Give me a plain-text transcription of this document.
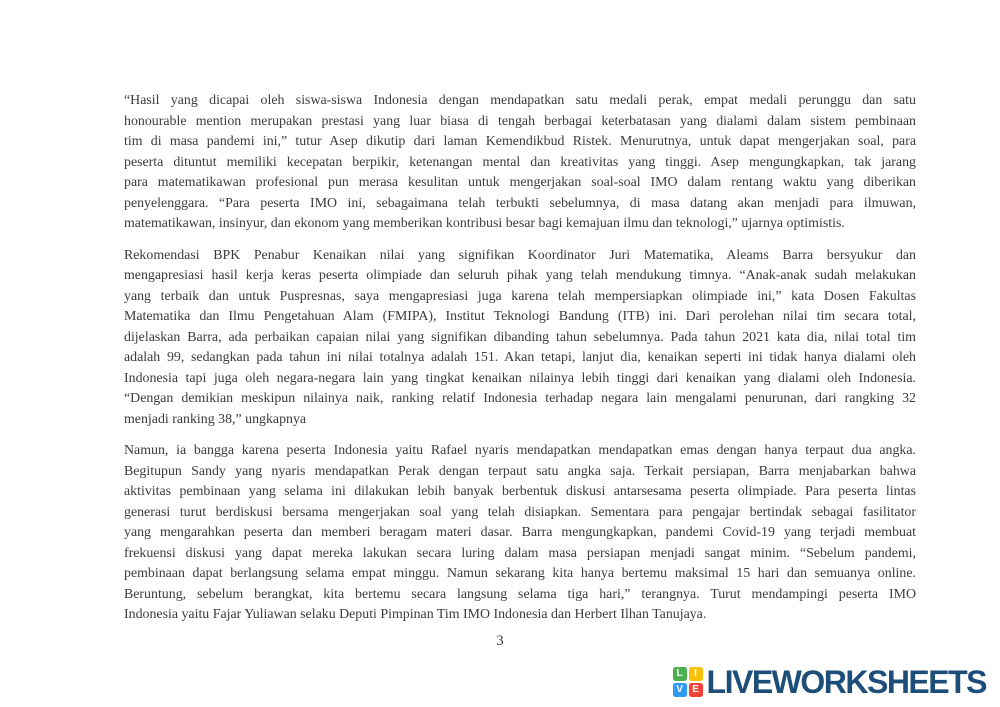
“Hasil yang dicapai oleh siswa-siswa Indonesia dengan mendapatkan satu medali perak, empat medali perunggu dan satu
honourable mention merupakan prestasi yang luar biasa di tengah berbagai keterbatasan yang dialami dalam sistem pembinaan
tim di masa pandemi ini,” tutur Asep dikutip dari laman Kemendikbud Ristek. Menurutnya, untuk dapat mengerjakan soal, para
peserta dituntut memiliki kecepatan berpikir, ketenangan mental dan kreativitas yang tinggi. Asep mengungkapkan, tak jarang
para matematikawan profesional pun merasa kesulitan untuk mengerjakan soal-soal IMO dalam rentang waktu yang diberikan
penyelenggara. “Para peserta IMO ini, sebagaimana telah terbukti sebelumnya, di masa datang akan menjadi para ilmuwan,
matematikawan, insinyur, dan ekonom yang memberikan kontribusi besar bagi kemajuan ilmu dan teknologi,” ujarnya optimistis.
Rekomendasi BPK Penabur Kenaikan nilai yang signifikan Koordinator Juri Matematika, Aleams Barra bersyukur dan
mengapresiasi hasil kerja keras peserta olimpiade dan seluruh pihak yang telah mendukung timnya. “Anak-anak sudah melakukan
yang terbaik dan untuk Puspresnas, saya mengapresiasi juga karena telah mempersiapkan olimpiade ini,” kata Dosen Fakultas
Matematika dan Ilmu Pengetahuan Alam (FMIPA), Institut Teknologi Bandung (ITB) ini. Dari perolehan nilai tim secara total,
dijelaskan Barra, ada perbaikan capaian nilai yang signifikan dibanding tahun sebelumnya. Pada tahun 2021 kata dia, nilai total tim
adalah 99, sedangkan pada tahun ini nilai totalnya adalah 151. Akan tetapi, lanjut dia, kenaikan seperti ini tidak hanya dialami oleh
Indonesia tapi juga oleh negara-negara lain yang tingkat kenaikan nilainya lebih tinggi dari kenaikan yang dialami oleh Indonesia.
“Dengan demikian meskipun nilainya naik, ranking relatif Indonesia terhadap negara lain mengalami penurunan, dari rangking 32
menjadi ranking 38,” ungkapnya
Namun, ia bangga karena peserta Indonesia yaitu Rafael nyaris mendapatkan mendapatkan emas dengan hanya terpaut dua angka.
Begitupun Sandy yang nyaris mendapatkan Perak dengan terpaut satu angka saja. Terkait persiapan, Barra menjabarkan bahwa
aktivitas pembinaan yang selama ini dilakukan lebih banyak berbentuk diskusi antarsesama peserta olimpiade. Para peserta lintas
generasi turut berdiskusi bersama mengerjakan soal yang telah disiapkan. Sementara para pengajar bertindak sebagai fasilitator
yang mengarahkan peserta dan memberi beragam materi dasar. Barra mengungkapkan, pandemi Covid-19 yang terjadi membuat
frekuensi diskusi yang dapat mereka lakukan secara luring dalam masa persiapan menjadi sangat minim. “Sebelum pandemi,
pembinaan dapat berlangsung selama empat minggu. Namun sekarang kita hanya bertemu maksimal 15 hari dan semuanya online.
Beruntung, sebelum berangkat, kita bertemu secara langsung selama tiga hari,” terangnya. Turut mendampingi peserta IMO
Indonesia yaitu Fajar Yuliawan selaku Deputi Pimpinan Tim IMO Indonesia dan Herbert Ilhan Tanujaya.
3
L	I
V E LIVEWORKSHEETS
